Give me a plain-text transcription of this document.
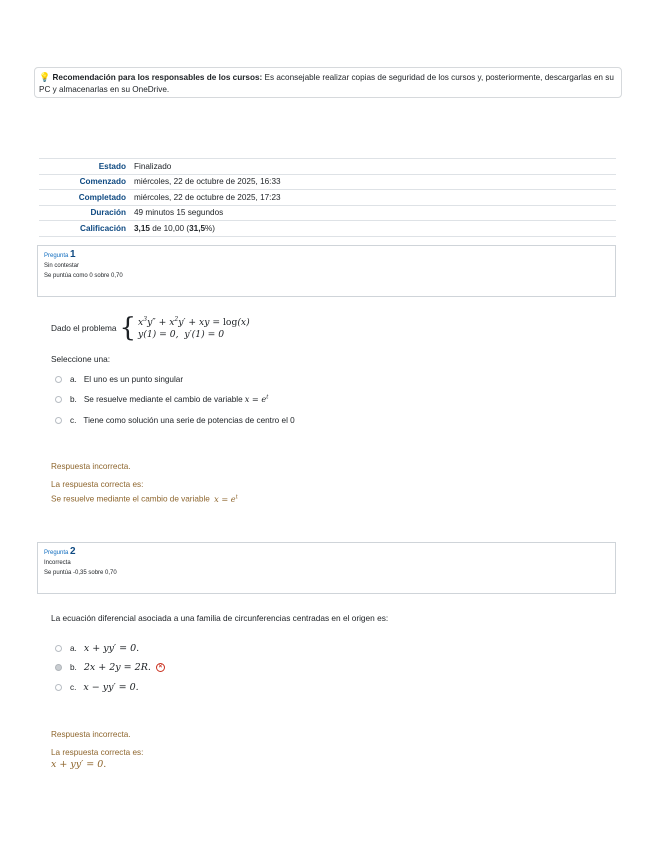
💡 Recomendación para los responsables de los cursos: Es aconsejable realizar copias de seguridad de los cursos y, posteriormente, descargarlas en su PC y almacenarlas en su OneDrive.
Estado	Finalizado
Comenzado	miércoles, 22 de octubre de 2025, 16:33
Completado	miércoles, 22 de octubre de 2025, 17:23
Duración	49 minutos 15 segundos
Calificación	3,15 de 10,00 (31,5%)
Pregunta 1
Sin contestar
Se puntúa como 0 sobre 0,70
Dado el problema { $x^3y'' + x^2y'$ + xy = log(x)
y(1) = 0,  y′(1) = 0
Seleccione una:
a. El uno es un punto singular
b. Se resuelve mediante el cambio de variable $x = e^t$
c. Tiene como solución una serie de potencias de centro el 0
Respuesta incorrecta.
La respuesta correcta es:
Se resuelve mediante el cambio de variable $x = e^t$
Pregunta 2
Incorrecta
Se puntúa -0,35 sobre 0,70
La ecuación diferencial asociada a una familia de circunferencias centradas en el origen es:
a. x + yy′ = 0.
b. 2x + 2y = 2R.	×
c. x − yy′ = 0.
Respuesta incorrecta.
La respuesta correcta es:
x + yy′ = 0.
